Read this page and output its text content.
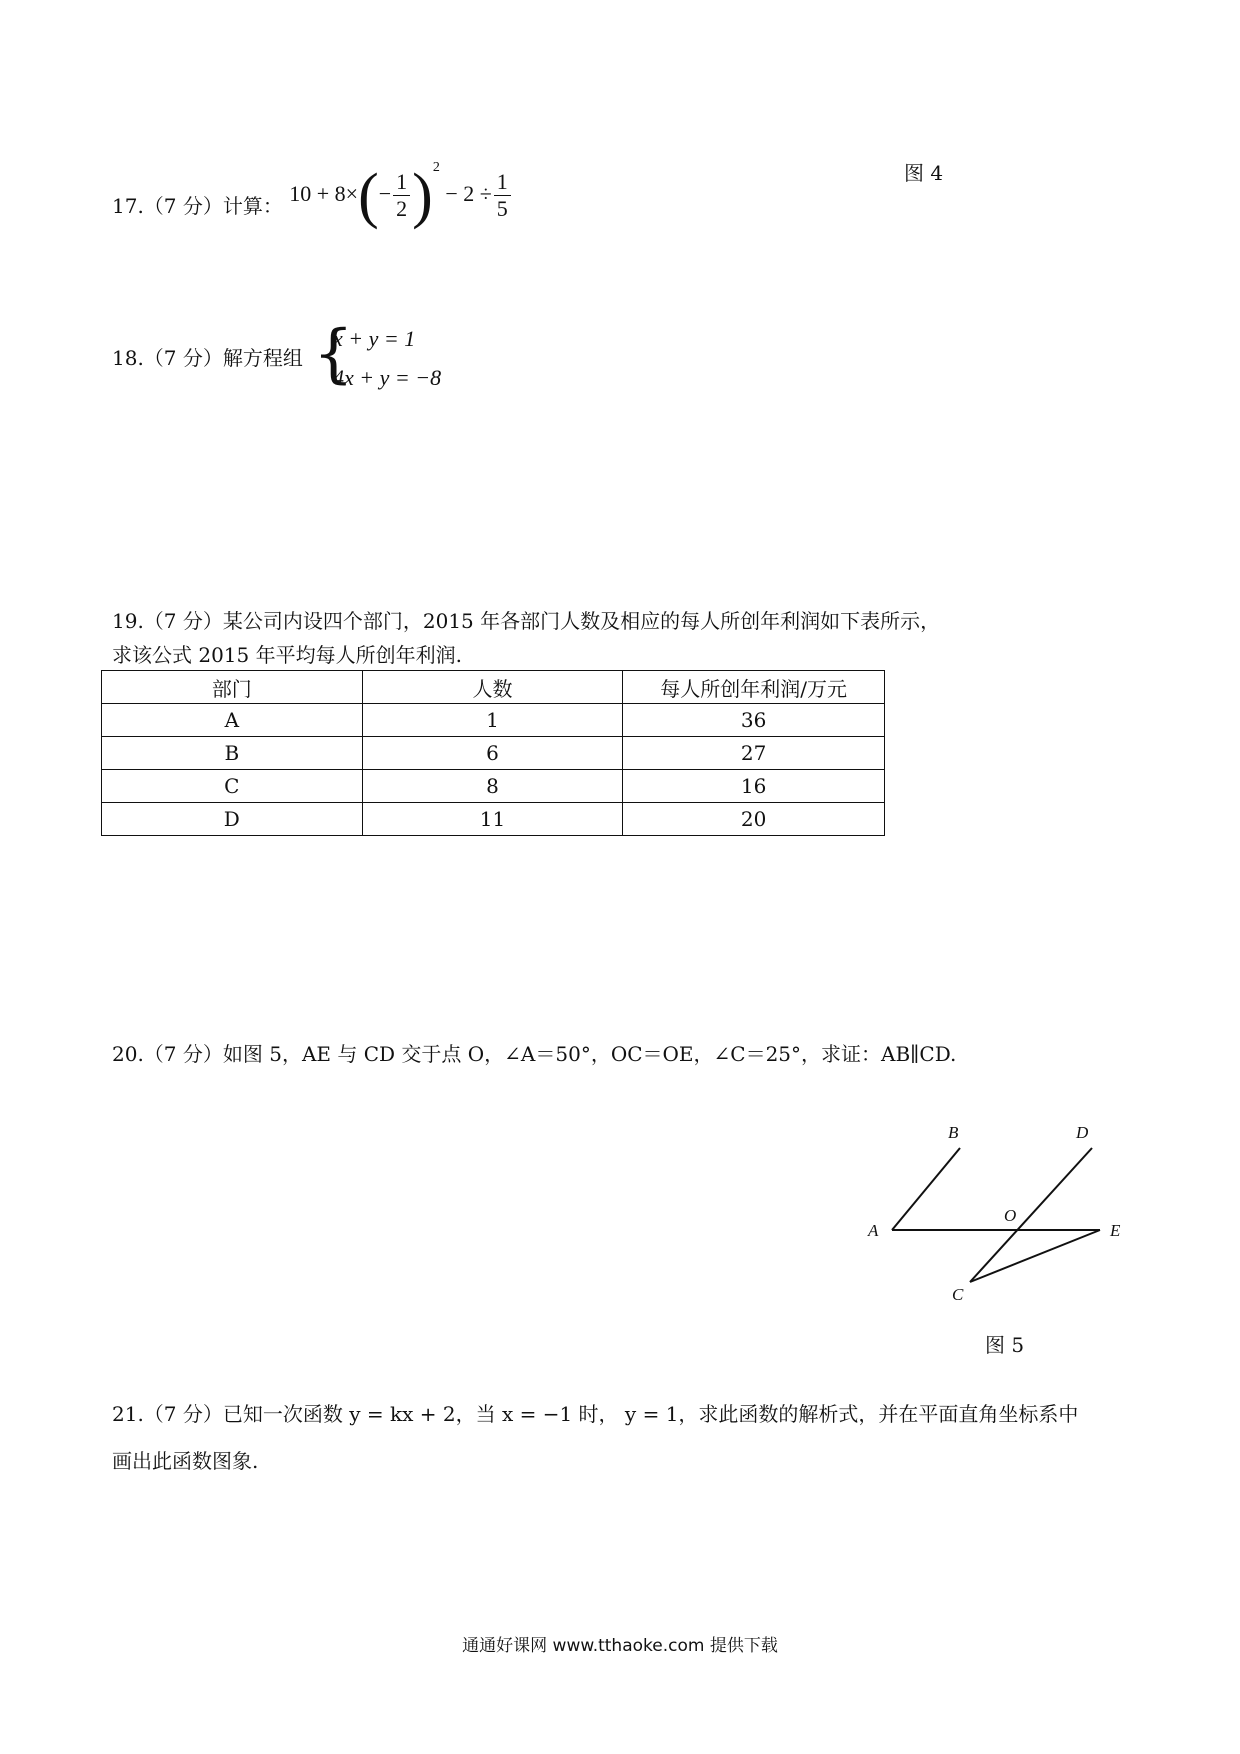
图 4
17.（7 分）计算： $10 + 8\times(- \frac{1}{2} )^2 - 2 \div \frac{1}{5}$
18.（7 分）解方程组 {
x + y = 1
4x + y = −8
19.（7 分）某公司内设四个部门，2015 年各部门人数及相应的每人所创年利润如下表所示，
求该公式 2015 年平均每人所创年利润.
部门	人数	每人所创年利润/万元
A	1	36
B	6	27
C	8	16
D	11	20
20.（7 分）如图 5，AE 与 CD 交于点 O，∠A＝50°，OC＝OE，∠C＝25°，求证：AB∥CD.
A
B
C
D
E
O
图 5
21.（7 分）已知一次函数 y = kx + 2，当 x = −1 时， y = 1，求此函数的解析式，并在平面直角坐标系中
画出此函数图象.
通通好课网 www.tthaoke.com 提供下载
